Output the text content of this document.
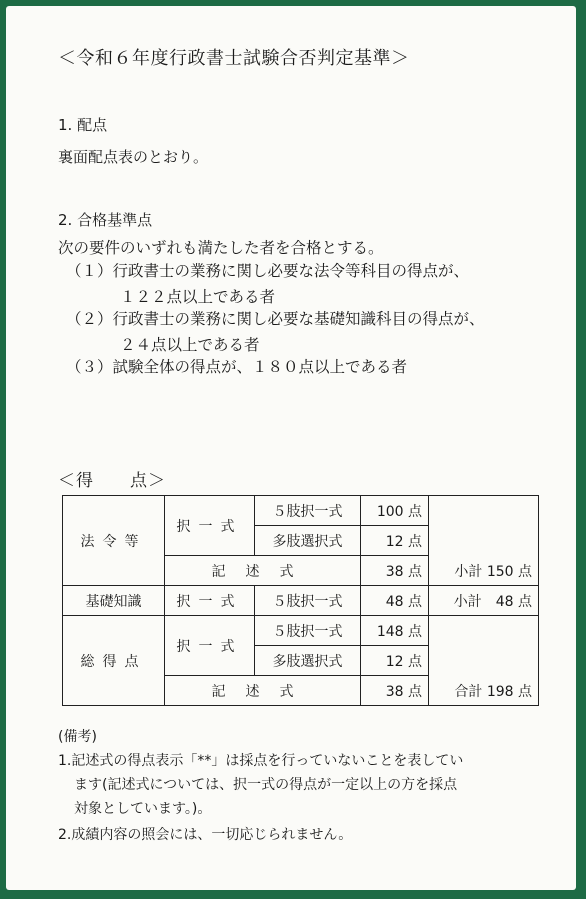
＜令和６年度行政書士試験合否判定基準＞
1. 配点
裏面配点表のとおり。
2. 合格基準点
次の要件のいずれも満たした者を合格とする。
（１）行政書士の業務に関し必要な法令等科目の得点が、
１２２点以上である者
（２）行政書士の業務に関し必要な基礎知識科目の得点が、
２４点以上である者
（３）試験全体の得点が、１８０点以上である者
＜得　　点＞
法令等	択一式	５肢択一式	100 点	小計 150 点
		多肢選択式	12 点	
	記述式		38 点	
基礎知識	択一式	５肢択一式	48 点	小計　48 点
総得点	択一式	５肢択一式	148 点	合計 198 点
		多肢選択式	12 点	
	記述式		38 点	
(備考)
1.記述式の得点表示「**」は採点を行っていないことを表してい
ます(記述式については、択一式の得点が一定以上の方を採点
対象としています。)。
2.成績内容の照会には、一切応じられません。
